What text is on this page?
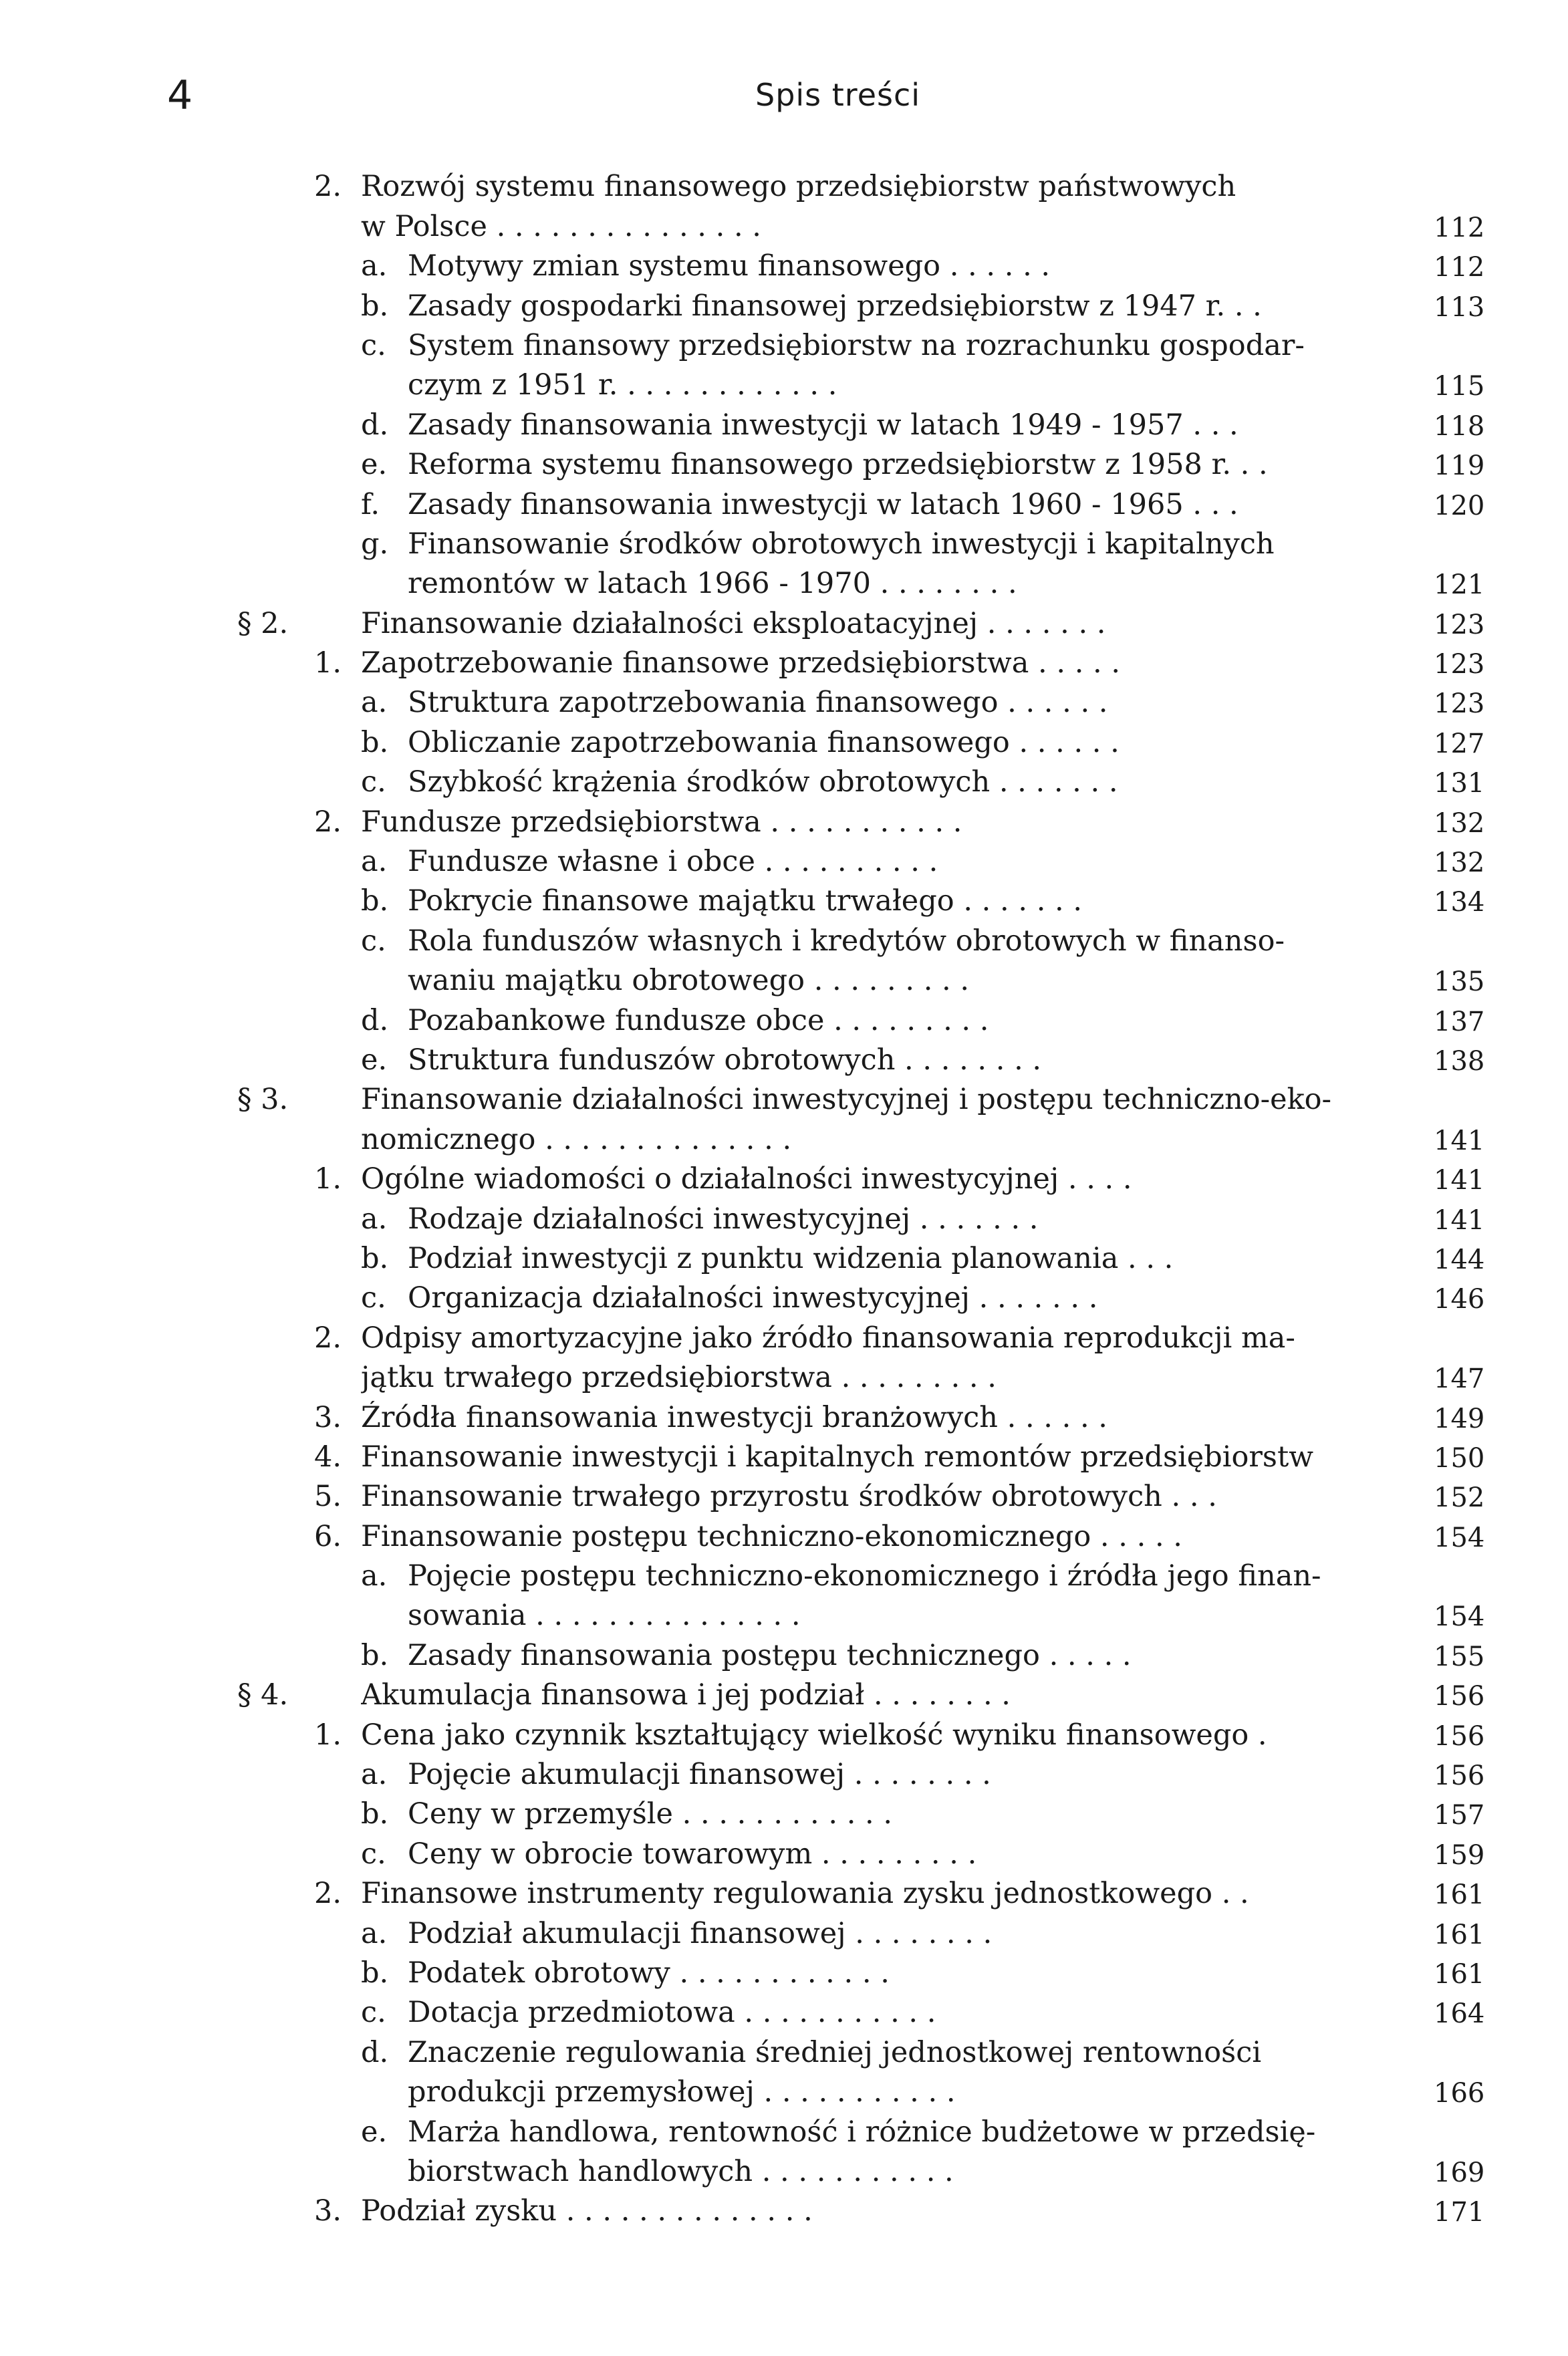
4	Spis treści
2. Rozwój systemu finansowego przedsiębiorstw państwowych
w Polsce . . . . . . . . . . . . . . .	112
a. Motywy zmian systemu finansowego . . . . . .	112
b. Zasady gospodarki finansowej przedsiębiorstw z 1947 r. . .	113
c. System finansowy przedsiębiorstw na rozrachunku gospodar-
czym z 1951 r. . . . . . . . . . . . .	115
d. Zasady finansowania inwestycji w latach 1949 - 1957 . . .	118
e. Reforma systemu finansowego przedsiębiorstw z 1958 r. . .	119
f. Zasady finansowania inwestycji w latach 1960 - 1965 . . .	120
g. Finansowanie środków obrotowych inwestycji i kapitalnych
remontów w latach 1966 - 1970 . . . . . . . .	121
§ 2.	Finansowanie działalności eksploatacyjnej . . . . . . .	123
1. Zapotrzebowanie finansowe przedsiębiorstwa . . . . .	123
a. Struktura zapotrzebowania finansowego . . . . . .	123
b. Obliczanie zapotrzebowania finansowego . . . . . .	127
c. Szybkość krążenia środków obrotowych . . . . . . .	131
2. Fundusze przedsiębiorstwa . . . . . . . . . . .	132
a. Fundusze własne i obce . . . . . . . . . .	132
b. Pokrycie finansowe majątku trwałego . . . . . . .	134
c. Rola funduszów własnych i kredytów obrotowych w finanso-
waniu majątku obrotowego . . . . . . . . .	135
d. Pozabankowe fundusze obce . . . . . . . . .	137
e. Struktura funduszów obrotowych . . . . . . . .	138
§ 3.	Finansowanie działalności inwestycyjnej i postępu techniczno-eko-
nomicznego . . . . . . . . . . . . . .	141
1. Ogólne wiadomości o działalności inwestycyjnej . . . .	141
a. Rodzaje działalności inwestycyjnej . . . . . . .	141
b. Podział inwestycji z punktu widzenia planowania . . .	144
c. Organizacja działalności inwestycyjnej . . . . . . .	146
2. Odpisy amortyzacyjne jako źródło finansowania reprodukcji ma-
jątku trwałego przedsiębiorstwa . . . . . . . . .	147
3. Źródła finansowania inwestycji branżowych . . . . . .	149
4. Finansowanie inwestycji i kapitalnych remontów przedsiębiorstw	150
5. Finansowanie trwałego przyrostu środków obrotowych . . .	152
6. Finansowanie postępu techniczno-ekonomicznego . . . . .	154
a. Pojęcie postępu techniczno-ekonomicznego i źródła jego finan-
sowania . . . . . . . . . . . . . . .	154
b. Zasady finansowania postępu technicznego . . . . .	155
§ 4.	Akumulacja finansowa i jej podział . . . . . . . .	156
1. Cena jako czynnik kształtujący wielkość wyniku finansowego .	156
a. Pojęcie akumulacji finansowej . . . . . . . .	156
b. Ceny w przemyśle . . . . . . . . . . . .	157
c. Ceny w obrocie towarowym . . . . . . . . .	159
2. Finansowe instrumenty regulowania zysku jednostkowego . .	161
a. Podział akumulacji finansowej . . . . . . . .	161
b. Podatek obrotowy . . . . . . . . . . . .	161
c. Dotacja przedmiotowa . . . . . . . . . . .	164
d. Znaczenie regulowania średniej jednostkowej rentowności
produkcji przemysłowej . . . . . . . . . . .	166
e. Marża handlowa, rentowność i różnice budżetowe w przedsię-
biorstwach handlowych . . . . . . . . . . .	169
3. Podział zysku . . . . . . . . . . . . . .	171
